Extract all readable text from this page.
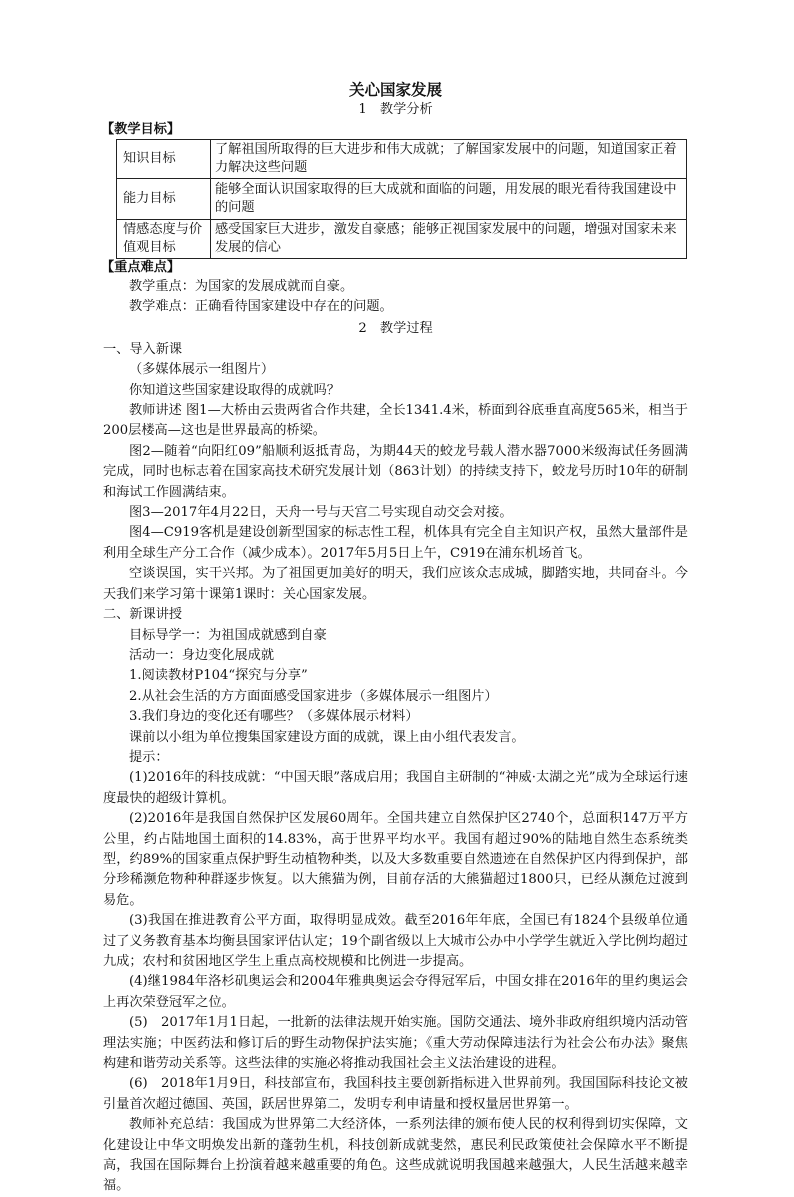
关心国家发展

1　教学分析

【教学目标】
知识目标	了解祖国所取得的巨大进步和伟大成就；了解国家发展中的问题，知道国家正着力解决这些问题
能力目标	能够全面认识国家取得的巨大成就和面临的问题，用发展的眼光看待我国建设中的问题
情感态度与价值观目标	感受国家巨大进步，激发自豪感；能够正视国家发展中的问题，增强对国家未来发展的信心
【重点难点】

教学重点：为国家的发展成就而自豪。

教学难点：正确看待国家建设中存在的问题。

2　教学过程

一、导入新课

（多媒体展示一组图片）

你知道这些国家建设取得的成就吗？

教师讲述 图1—大桥由云贵两省合作共建，全长1341.4米，桥面到谷底垂直高度565米，相当于200层楼高—这也是世界最高的桥梁。

图2—随着“向阳红09”船顺利返抵青岛，为期44天的蛟龙号载人潜水器7000米级海试任务圆满完成，同时也标志着在国家高技术研究发展计划（863计划）的持续支持下，蛟龙号历时10年的研制和海试工作圆满结束。

图3—2017年4月22日，天舟一号与天宫二号实现自动交会对接。

图4—C919客机是建设创新型国家的标志性工程，机体具有完全自主知识产权，虽然大量部件是利用全球生产分工合作（减少成本）。2017年5月5日上午，C919在浦东机场首飞。

空谈误国，实干兴邦。为了祖国更加美好的明天，我们应该众志成城，脚踏实地，共同奋斗。今天我们来学习第十课第1课时：关心国家发展。

二、新课讲授

目标导学一：为祖国成就感到自豪

活动一：身边变化展成就

1.阅读教材P104“探究与分享”

2.从社会生活的方方面面感受国家进步（多媒体展示一组图片）

3.我们身边的变化还有哪些？（多媒体展示材料）

课前以小组为单位搜集国家建设方面的成就，课上由小组代表发言。

提示：

(1)2016年的科技成就：“中国天眼”落成启用；我国自主研制的“神威·太湖之光”成为全球运行速度最快的超级计算机。

(2)2016年是我国自然保护区发展60周年。全国共建立自然保护区2740个，总面积147万平方公里，约占陆地国土面积的14.83%，高于世界平均水平。我国有超过90%的陆地自然生态系统类型，约89%的国家重点保护野生动植物种类，以及大多数重要自然遗迹在自然保护区内得到保护，部分珍稀濒危物种种群逐步恢复。以大熊猫为例，目前存活的大熊猫超过1800只，已经从濒危过渡到易危。

(3)我国在推进教育公平方面，取得明显成效。截至2016年年底，全国已有1824个县级单位通过了义务教育基本均衡县国家评估认定；19个副省级以上大城市公办中小学学生就近入学比例均超过九成；农村和贫困地区学生上重点高校规模和比例进一步提高。

(4)继1984年洛杉矶奥运会和2004年雅典奥运会夺得冠军后，中国女排在2016年的里约奥运会上再次荣登冠军之位。

(5)　2017年1月1日起，一批新的法律法规开始实施。国防交通法、境外非政府组织境内活动管理法实施；中医药法和修订后的野生动物保护法实施；《重大劳动保障违法行为社会公布办法》聚焦构建和谐劳动关系等。这些法律的实施必将推动我国社会主义法治建设的进程。

(6)　2018年1月9日，科技部宣布，我国科技主要创新指标进入世界前列。我国国际科技论文被引量首次超过德国、英国，跃居世界第二，发明专利申请量和授权量居世界第一。

教师补充总结：我国成为世界第二大经济体，一系列法律的颁布使人民的权利得到切实保障，文化建设让中华文明焕发出新的蓬勃生机，科技创新成就斐然，惠民利民政策使社会保障水平不断提高，我国在国际舞台上扮演着越来越重要的角色。这些成就说明我国越来越强大，人民生活越来越幸福。
